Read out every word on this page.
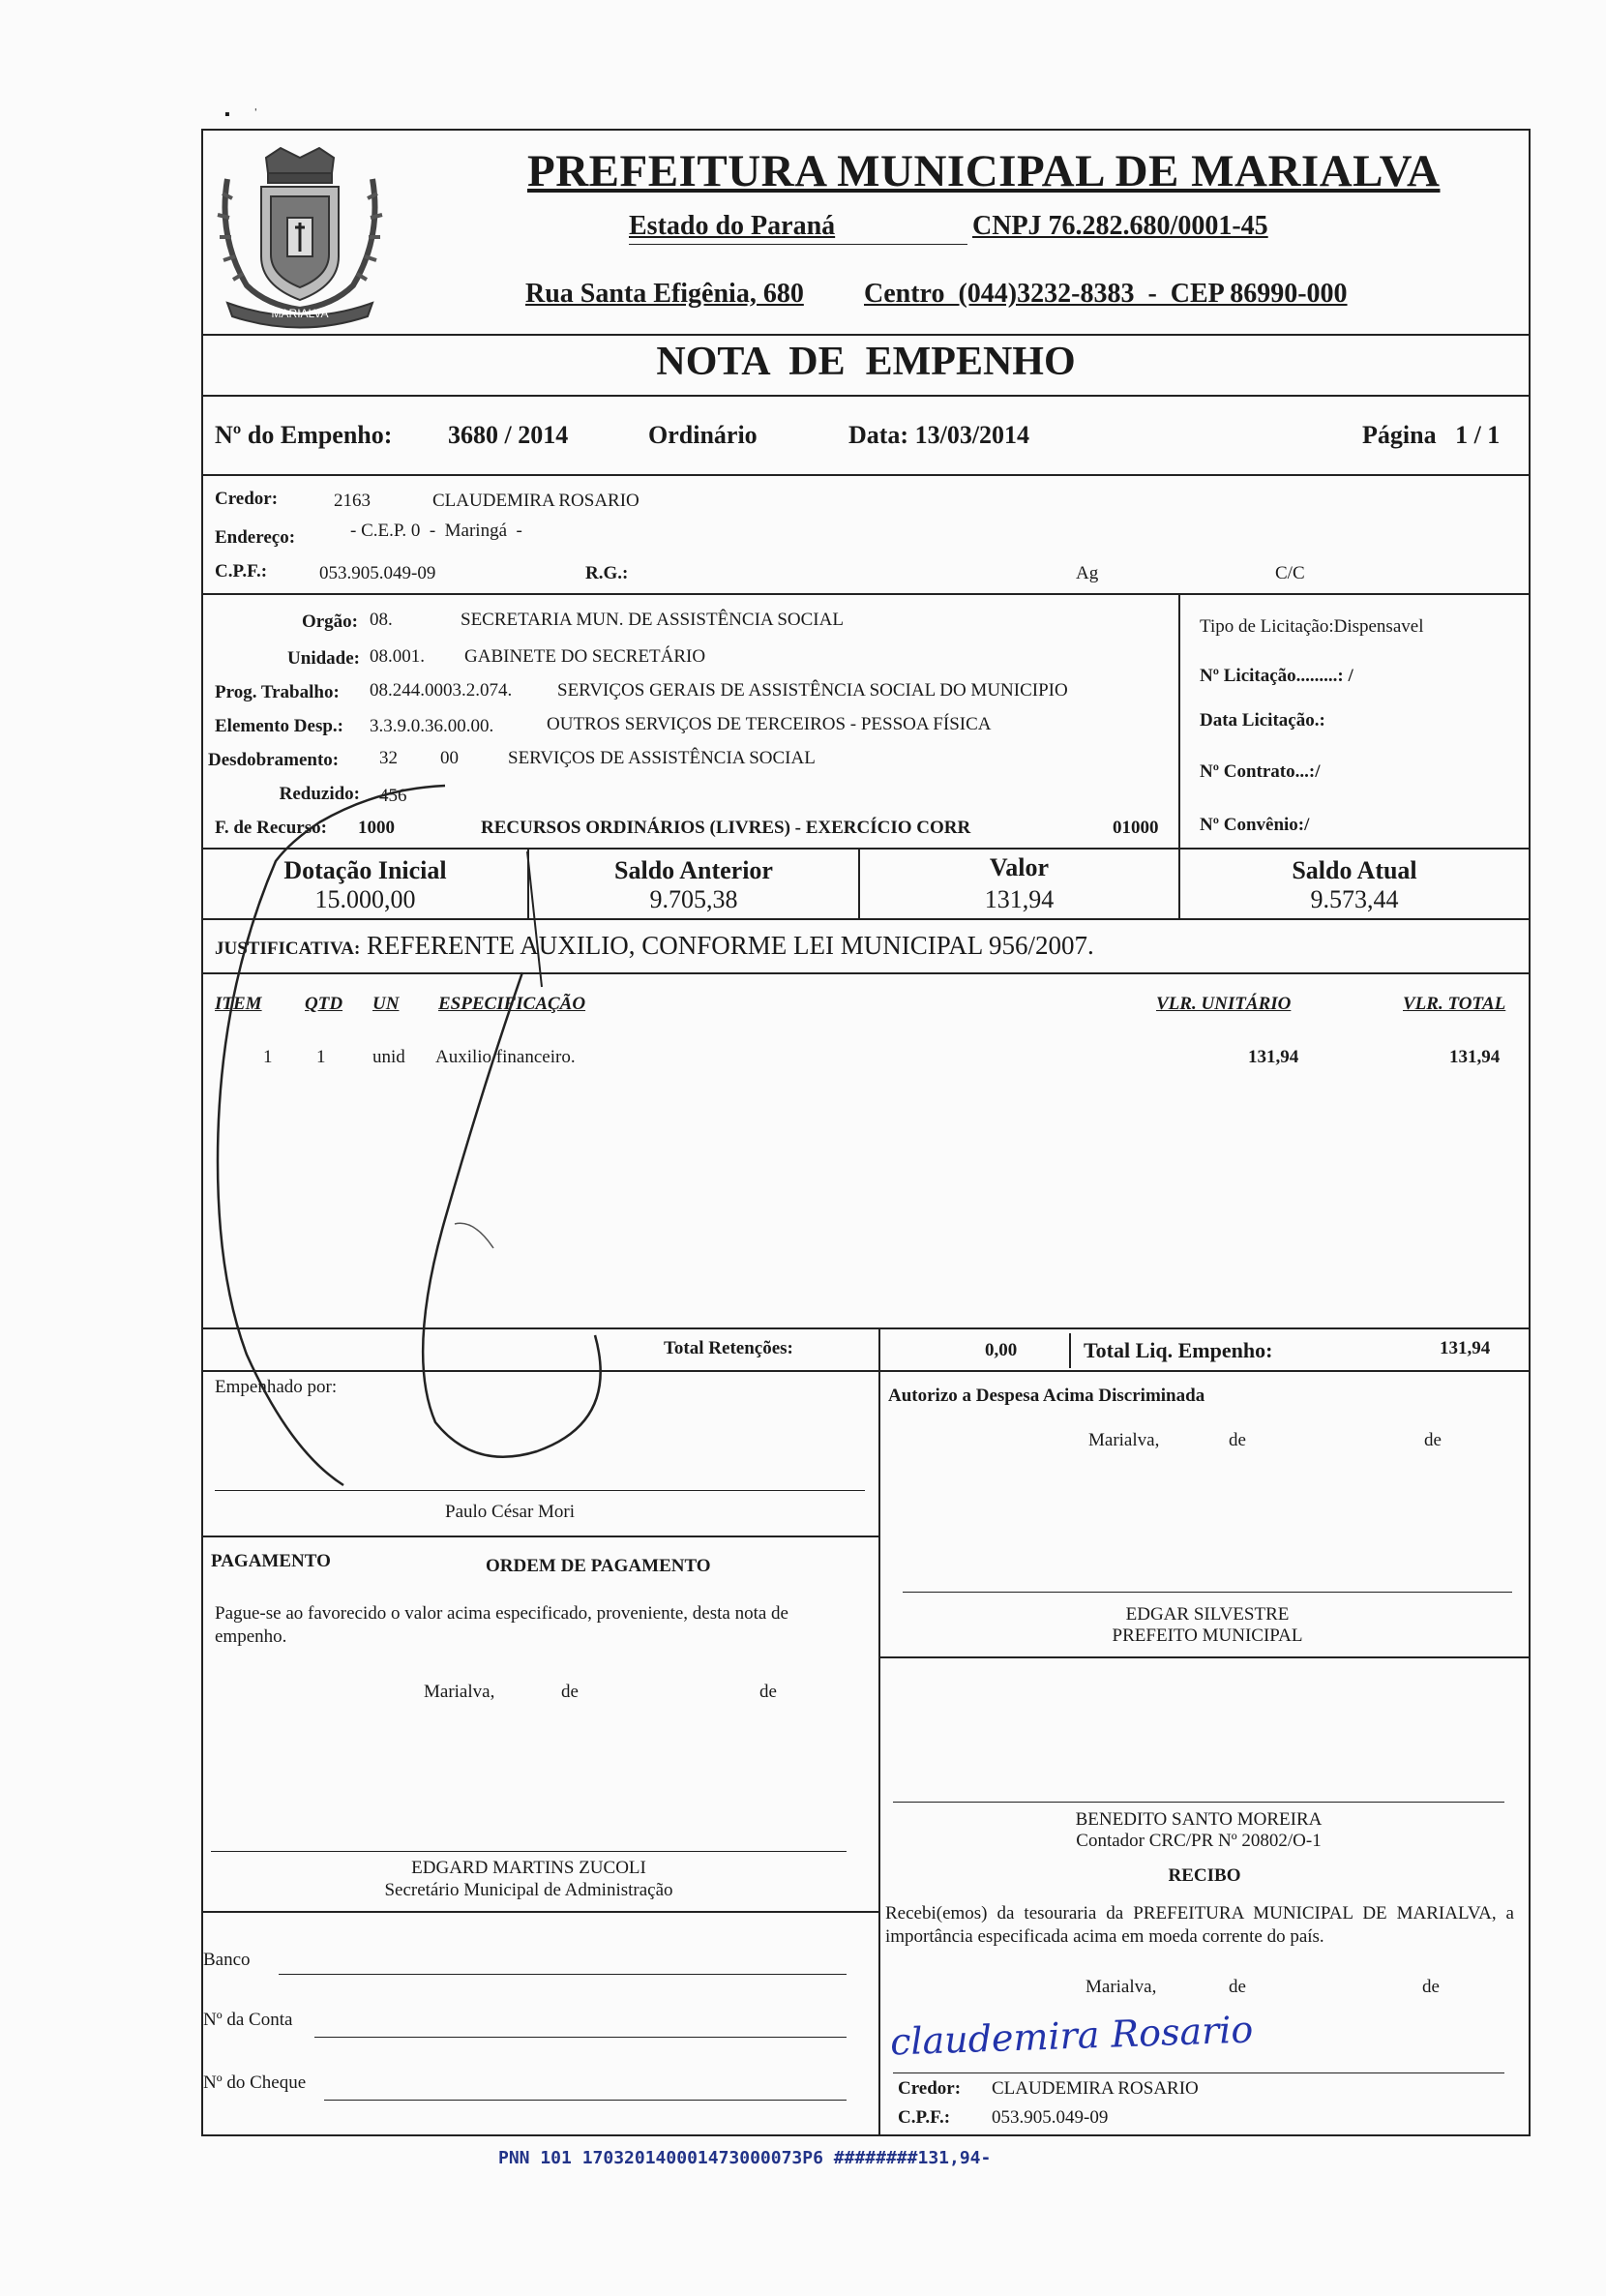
▪      ˈ
MARIALVA
PREFEITURA MUNICIPAL DE MARIALVA
Estado do Paraná	CNPJ 76.282.680/0001-45
Rua Santa Efigênia, 680 Centro  (044)3232-8383  -  CEP 86990-000
NOTA  DE  EMPENHO
Nº do Empenho: 3680 / 2014	Ordinário	Data: 13/03/2014	Página   1 / 1
Credor:	2163	CLAUDEMIRA ROSARIO
Endereço:	- C.E.P. 0  -  Maringá  -
C.P.F.:	053.905.049-09	R.G.:	Ag	C/C
Orgão: 08.	SECRETARIA MUN. DE ASSISTÊNCIA SOCIAL
Unidade: 08.001. GABINETE DO SECRETÁRIO
Prog. Trabalho: 08.244.0003.2.074. SERVIÇOS GERAIS DE ASSISTÊNCIA SOCIAL DO MUNICIPIO
Elemento Desp.: 3.3.9.0.36.00.00.	OUTROS SERVIÇOS DE TERCEIROS - PESSOA FÍSICA
Desdobramento: 32 00	SERVIÇOS DE ASSISTÊNCIA SOCIAL
Reduzido: 456
F. de Recurso: 1000	RECURSOS ORDINÁRIOS (LIVRES) - EXERCÍCIO CORR	01000
Tipo de Licitação:Dispensavel
Nº Licitação.........: /
Data Licitação.:
Nº Contrato...:/
Nº Convênio:/
Dotação Inicial
15.000,00
Saldo Anterior
9.705,38
Valor
131,94
Saldo Atual
9.573,44
JUSTIFICATIVA: REFERENTE AUXILIO, CONFORME LEI MUNICIPAL 956/2007.
ITEM QTD UN ESPECIFICAÇÃO	VLR. UNITÁRIO	VLR. TOTAL
1 1	unid Auxilio financeiro.	131,94	131,94
Total Retenções:	0,00	Total Liq. Empenho:	131,94
Empenhado por:
Paulo César Mori
Autorizo a Despesa Acima Discriminada
Marialva,	de	de
EDGAR SILVESTRE
PREFEITO MUNICIPAL
BENEDITO SANTO MOREIRA
Contador CRC/PR Nº 20802/O-1
RECIBO
Recebi(emos) da tesouraria da PREFEITURA MUNICIPAL DE MARIALVA, a importância especificada acima em moeda corrente do país.
Marialva,	de	de
claudemira Rosario
Credor: CLAUDEMIRA ROSARIO
C.P.F.: 053.905.049-09
PAGAMENTO	ORDEM DE PAGAMENTO
Pague-se ao favorecido o valor acima especificado, proveniente, desta nota de empenho.
Marialva,	de	de
EDGARD MARTINS ZUCOLI
Secretário Municipal de Administração
Banco
Nº da Conta
Nº do Cheque
PNN 101 170320140001473000073P6 ########131,94-
